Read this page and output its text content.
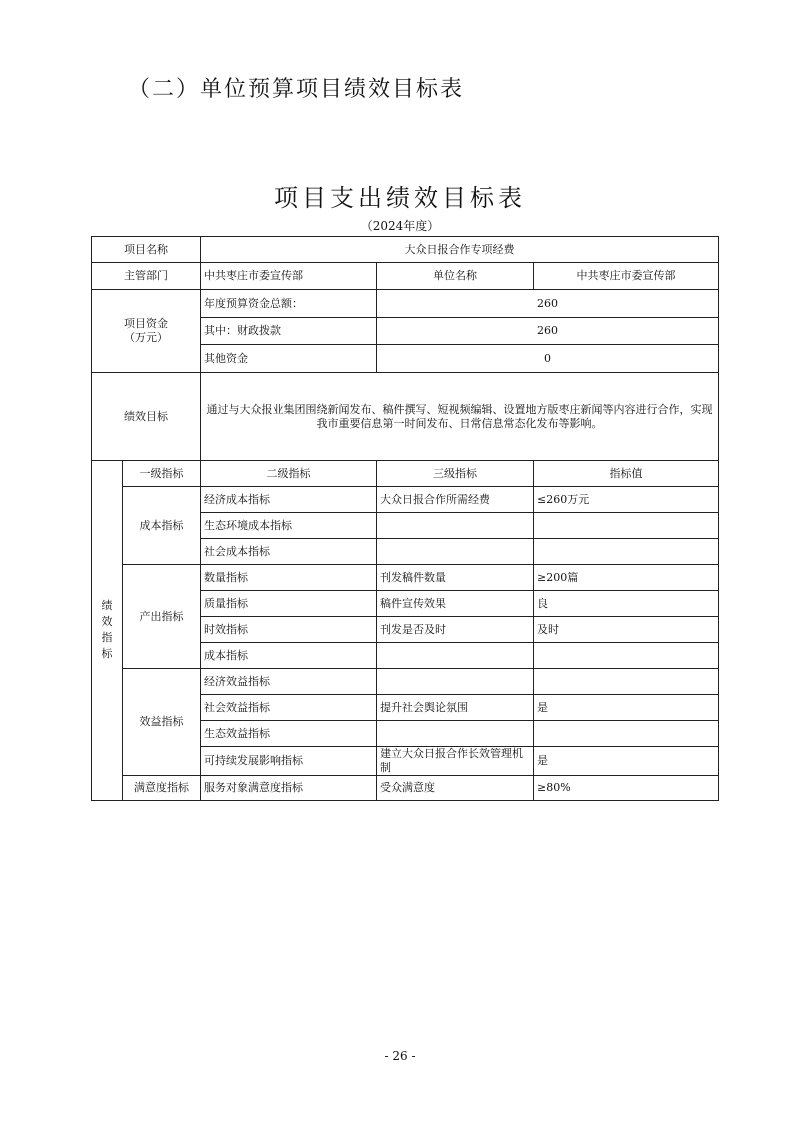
（二）单位预算项目绩效目标表
项目支出绩效目标表
（2024年度）
项目名称		大众日报合作专项经费		
主管部门		中共枣庄市委宣传部	单位名称	中共枣庄市委宣传部

项目资金
（万元）		年度预算资金总额：	260	
		其中：财政拨款	260	
		其他资金	0	
绩效目标		通过与大众报业集团围绕新闻发布、稿件撰写、短视频编辑、设置地方版枣庄新闻等内容进行合作，实现我市重要信息第一时间发布、日常信息常态化发布等影响。		

绩
效
指
标	一级指标	二级指标	三级指标	指标值
	成本指标	经济成本指标	大众日报合作所需经费	≤260万元
		生态环境成本指标		
		社会成本指标		
	产出指标	数量指标	刊发稿件数量	≥200篇
		质量指标	稿件宣传效果	良
		时效指标	刊发是否及时	及时
		成本指标		
	效益指标	经济效益指标		
		社会效益指标	提升社会舆论氛围	是
		生态效益指标		
		可持续发展影响指标	建立大众日报合作长效管理机制	是
	满意度指标	服务对象满意度指标	受众满意度	≥80%
- 26 -
